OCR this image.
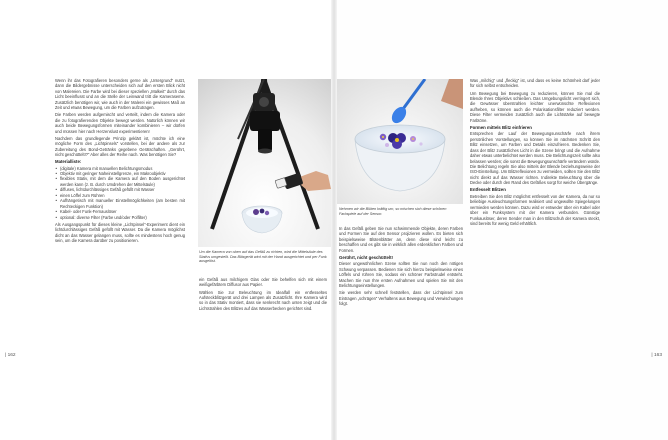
Wenn ihr das Fotografieren besonders gerne als „Untergrund“ nutzt, dann die Bildergebnisse unterscheiden sich auf den ersten Blick nicht von Malereien. Die Farbe wird bei dieser speziellen „Malkeit“ durch das Licht beeinflusst und an die Stelle der Leinwand tritt die Kameraseme. Zusätzlich benötigen wir, wie auch in der Malerei ein gewisses Maß an Zeit und etwas Bewegung, um die Farben aufzutragen.

Die Farben werden aufgemischt und verteilt, indem die Kamera oder die zu fotografierenden Objekte bewegt werden. Natürlich können wir auch beide Bewegungsformen miteinander kombinieren – wir dürfen und müssen hier nach Herzenslust experimentieren!

Nachdem das grundlegende Prinzip geklärt ist, möchte ich eine mögliche Form des „Lichtpinsels“ vorstellen, bei der andere als zur Zubereitung des Bond-Getränks gegebene Gerätschaften. „Gerührt, nicht geschüttelt!?“ Aber alles der Reihe nach. Was benötigen Sie?

Materialliste:
• (digitale) Kamera mit manuellen Belichtungsmodus
• Objektiv mit geringer Naheinstellgrenze, ein Makroobjektiv
• flexibles Stativ, mit dem die Kamera auf den Boden ausgerichtet werden kann (z. B. durch Umdrehen der Mittelsäule)
• diffuses, lichtdurchlässiges Gefäß gefüllt mit Wasser
• einen Löffel zum Rühren
• Aufhängetisch mit manueller Einstellmöglichkeiten (am besten mit Rechteckigen Funktion)
• Kabel- oder Funk-Fernauslöser
• optional: diverse Filter (Farbe und/oder Polfilter)

Als Ausgangspunkt für dieses kleine „Lichtpinsel“-Experiment dient ein lichtdurchlässiges Gefäß gefüllt mit Wasser. Da die Kamera möglichst dicht an das Wasser gelangen muss, sollte es mindestens hoch genug sein, um die Kamera darüber zu positionieren.

Um die Kamera von oben auf das Gefäß zu richten, wird die Mittelsäule des Stativs umgestellt. Das Blitzgerät wird mit der Hand ausgerichtet und per Funk ausgelöst.

ein Gefäß aus milchigem Glas oder Sie behelfen sich mit einem weißgefärbtem Diffusor aus Papier.

Wählen Sie zur Beleuchtung im Idealfall ein entfesseltes Aufsteckblitzgerät und drei Lampen als Zusatzlicht. Ihre Kamera wird so in das Stativ montiert, dass sie senkrecht nach unten zeigt und die Lichtstrahlen des Blitzes auf das Wasserbecken gerichtet sind.

| 162
Nehmen wir die Blüten kräftig um, so mischen sich diese schönen Farbspiele auf der Sensor.

In das Gefäß geben Sie nun schwimmende Objekte, deren Farben und Formen Sie auf den Sensor projizieren wollen. Es bieten sich beispielsweise Blütenblätter an, denn diese sind leicht zu beschaffen und es gibt sie in wirklich allen erdenklichen Farben und Formen.

Gerührt, nicht geschüttelt!

Dieser ungewöhnlichen Szene sollten Sie nun noch den nötigen Schwung verpassen. Bedienen Sie sich hierzu beispielsweise eines Löffels und rühren Sie, sodass ein schöner Farbstrudel entsteht. Machen Sie nun Ihre ersten Aufnahmen und spielen Sie mit den Belichtungseinstellungen.

Sie werden sehr schnell feststellen, dass der Lichtpinsel zum Eintragen „schrägen“ Verhaltens aus Bewegung und Verwischungen folgt.

Was „milchig“ und „fleckig“ ist, und dass es keine Schönheit darf jeder für sich selbst entscheiden.

Um Bewegung bei Bewegung zu reduzieren, können Sie mal die Blende Ihres Objektivs schließen. Das Umgebungslicht verringert sich, die Gewässer überstrahlen leichter unerwünschte Reflexionen aufheben, so können auch die Polarisationsfilter reduziert werden. Diese Filter vermeiden zusätzlich auch die Lichtstärke auf bewegte Farbtöne.

Formen mittels Blitz einfrieren

Entsprechen der Lauf der Bewegungsunschärfe nach ihrem persönlichen Vorstellungen, so können Sie im nächsten Schritt den Blitz einsetzen, um Farben und Details einzufrieren. Bedenken Sie, dass der Blitz zusätzliches Licht in die Szene bringt und die Aufnahme daher etwas unterbelichtet werden muss. Die Belichtungszeit sollte also belassen werden; die sonst die Bewegungsunschärfe verändern würde. Die Belichtung regeln Sie also mittels der Blende beziehungsweise der ISO-Einstellung. Um Blitzreflexionen zu vermeiden, sollten Sie den Blitz nicht direkt auf das Wasser richten. Indirekte Beleuchtung über die Decke oder durch den Rand des Gefäßes sorgt für weiche Übergänge.

Entfesselt Blitzen

Betreiben Sie den Blitz möglichst entfesselt von der Kamera, da nur so beliebige Ausleuchtungsformen realisiert und ungewollte Spiegelungen vermieden werden können. Dazu wird er entweder über ein Kabel oder über ein Funksystem mit der Kamera verbunden. Günstige Funkauslöser, deren Sender man in den Blitzschuh der Kamera steckt, sind bereits für wenig Geld erhältlich.

| 163
